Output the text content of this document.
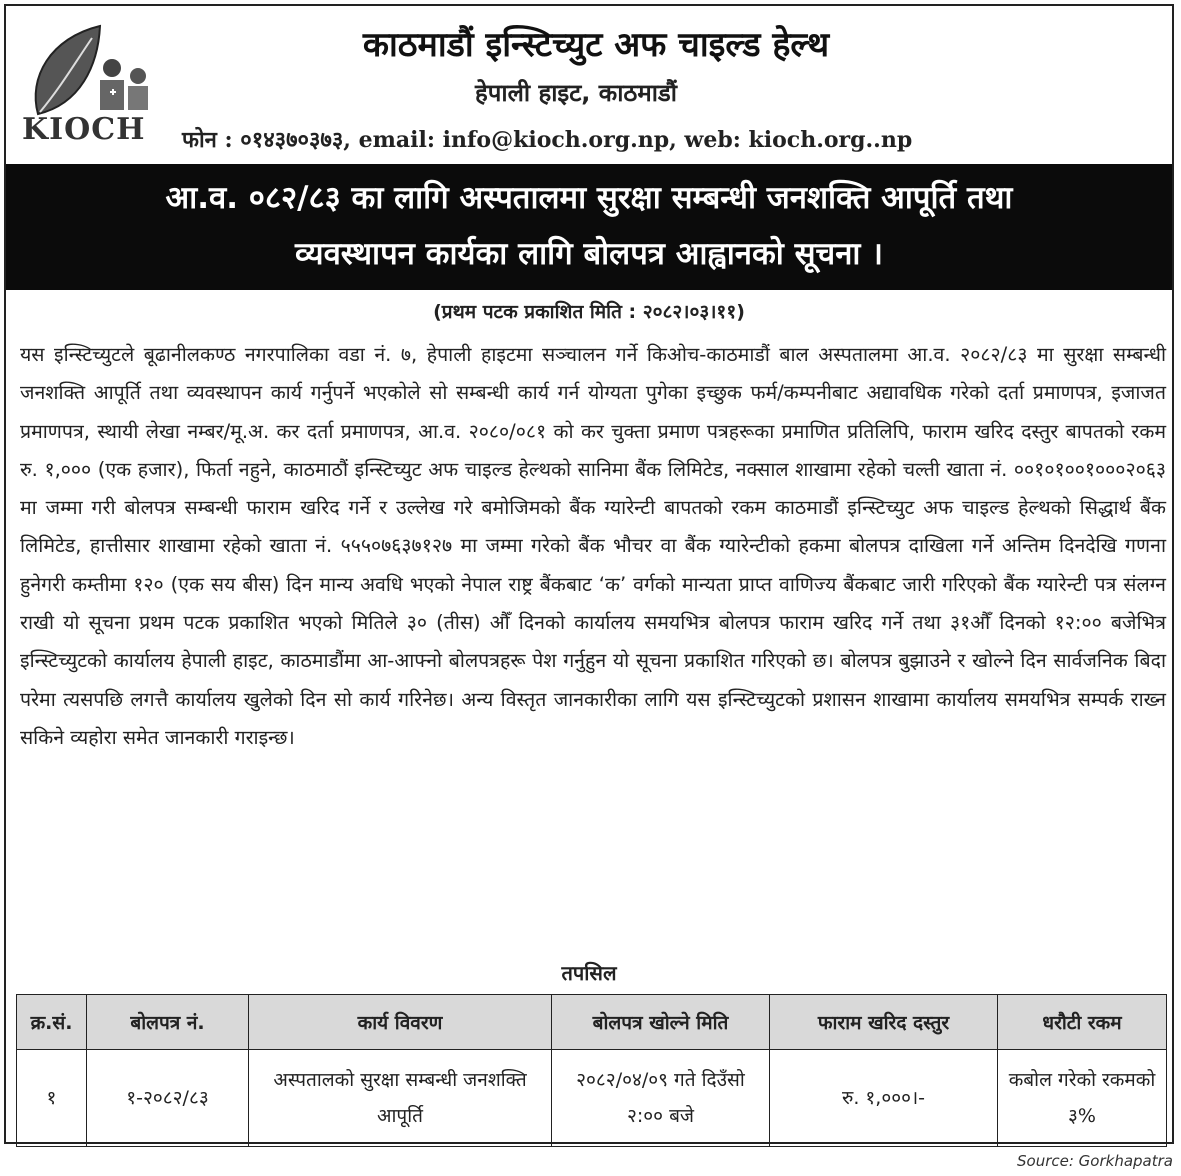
KIOCH
काठमाडौं इन्स्टिच्युट अफ चाइल्ड हेल्थ
हेपाली हाइट, काठमाडौं
फोन : ०१४३७०३७३, email: info@kioch.org.np, web: kioch.org..np
आ.व. ०८२/८३ का लागि अस्पतालमा सुरक्षा सम्बन्धी जनशक्ति आपूर्ति तथा
व्यवस्थापन कार्यका लागि बोलपत्र आह्वानको सूचना ।
(प्रथम पटक प्रकाशित मिति : २०८२।०३।११)
यस इन्स्टिच्युटले बूढानीलकण्ठ नगरपालिका वडा नं. ७, हेपाली हाइटमा सञ्चालन गर्ने किओच-काठमाडौं बाल अस्पतालमा आ.व. २०८२/८३ मा सुरक्षा सम्बन्धी जनशक्ति आपूर्ति तथा व्यवस्थापन कार्य गर्नुपर्ने भएकोले सो सम्बन्धी कार्य गर्न योग्यता पुगेका इच्छुक फर्म/कम्पनीबाट अद्यावधिक गरेको दर्ता प्रमाणपत्र, इजाजत प्रमाणपत्र, स्थायी लेखा नम्बर/मू.अ. कर दर्ता प्रमाणपत्र, आ.व. २०८०/०८१ को कर चुक्ता प्रमाण पत्रहरूका प्रमाणित प्रतिलिपि, फाराम खरिद दस्तुर बापतको रकम रु. १,००० (एक हजार), फिर्ता नहुने, काठमाठौं इन्स्टिच्युट अफ चाइल्ड हेल्थको सानिमा बैंक लिमिटेड, नक्साल शाखामा रहेको चल्ती खाता नं. ००१०१००१०००२०६३ मा जम्मा गरी बोलपत्र सम्बन्धी फाराम खरिद गर्ने र उल्लेख गरे बमोजिमको बैंक ग्यारेन्टी बापतको रकम काठमाडौं इन्स्टिच्युट अफ चाइल्ड हेल्थको सिद्धार्थ बैंक लिमिटेड, हात्तीसार शाखामा रहेको खाता नं. ५५५०७६३७१२७ मा जम्मा गरेको बैंक भौचर वा बैंक ग्यारेन्टीको हकमा बोलपत्र दाखिला गर्ने अन्तिम दिनदेखि गणना हुनेगरी कम्तीमा १२० (एक सय बीस) दिन मान्य अवधि भएको नेपाल राष्ट्र बैंकबाट ‘क’ वर्गको मान्यता प्राप्त वाणिज्य बैंकबाट जारी गरिएको बैंक ग्यारेन्टी पत्र संलग्न राखी यो सूचना प्रथम पटक प्रकाशित भएको मितिले ३० (तीस) औँ दिनको कार्यालय समयभित्र बोलपत्र फाराम खरिद गर्ने तथा ३१औँ दिनको १२:०० बजेभित्र इन्स्टिच्युटको कार्यालय हेपाली हाइट, काठमाडौंमा आ-आफ्नो बोलपत्रहरू पेश गर्नुहुन यो सूचना प्रकाशित गरिएको छ। बोलपत्र बुझाउने र खोल्ने दिन सार्वजनिक बिदा परेमा त्यसपछि लगत्तै कार्यालय खुलेको दिन सो कार्य गरिनेछ। अन्य विस्तृत जानकारीका लागि यस इन्स्टिच्युटको प्रशासन शाखामा कार्यालय समयभित्र सम्पर्क राख्न सकिने व्यहोरा समेत जानकारी गराइन्छ।
तपसिल
क्र.सं.	बोलपत्र नं.	कार्य विवरण	बोलपत्र खोल्ने मिति	फाराम खरिद दस्तुर	धरौटी रकम
१	१-२०८२/८३	अस्पतालको सुरक्षा सम्बन्धी जनशक्ति आपूर्ति	२०८२/०४/०९ गते दिउँसो २:०० बजे	रु. १,०००।-	कबोल गरेको रकमको ३%
Source: Gorkhapatra
